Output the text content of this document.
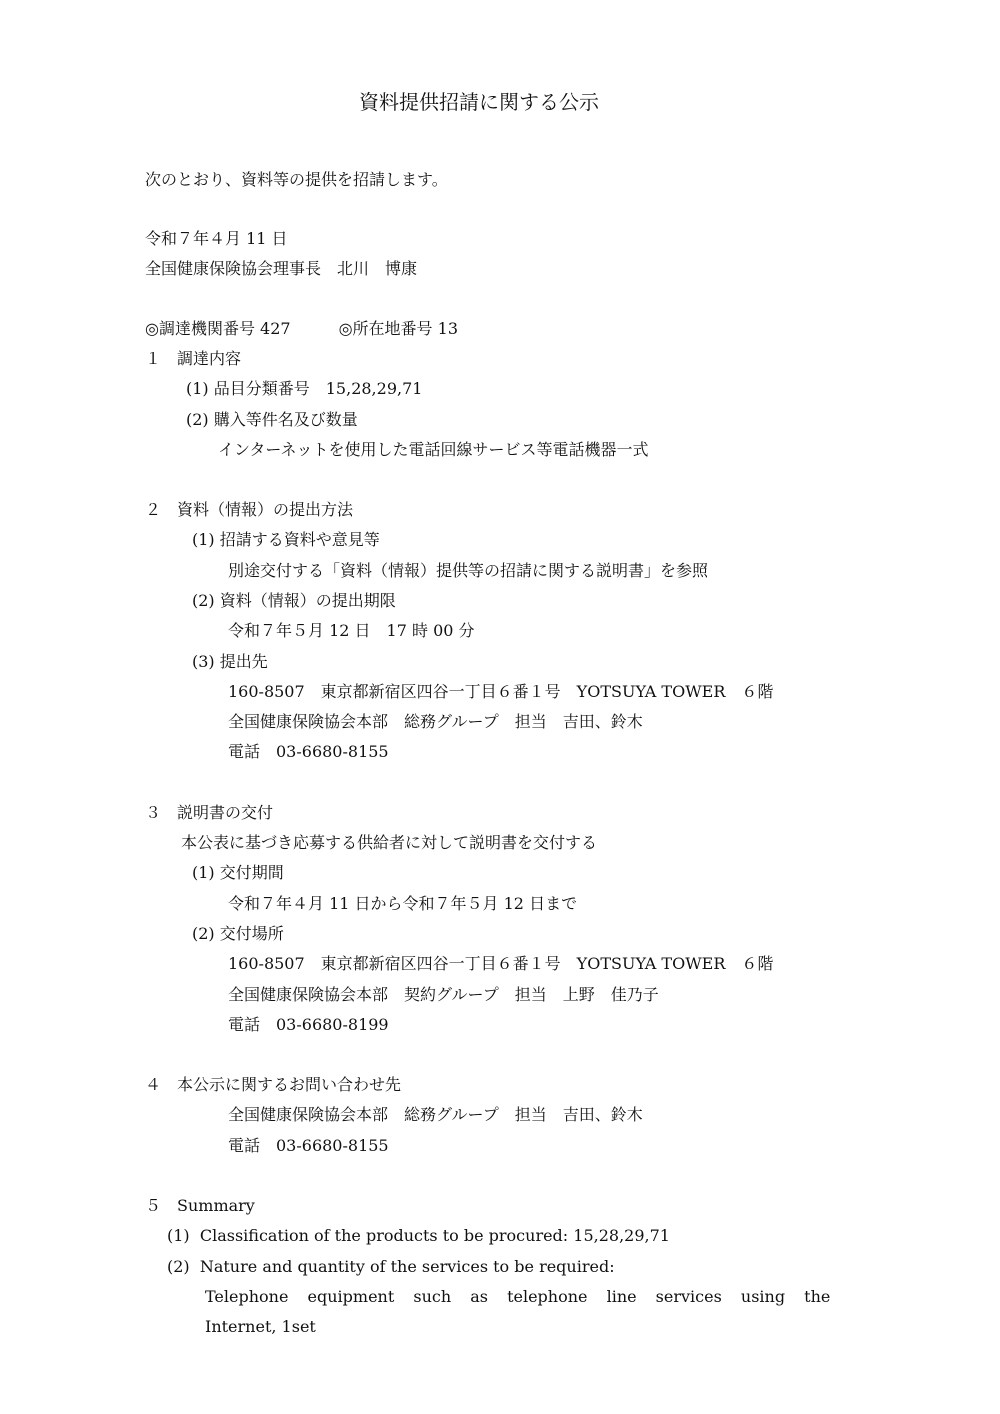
資料提供招請に関する公示
次のとおり、資料等の提供を招請します。
令和７年４月 11 日
全国健康保険協会理事長　北川　博康
◎調達機関番号 427　　　◎所在地番号 13
１　調達内容
(1) 品目分類番号　15,28,29,71
(2) 購入等件名及び数量
インターネットを使用した電話回線サービス等電話機器一式
２　資料（情報）の提出方法
(1) 招請する資料や意見等
別途交付する「資料（情報）提供等の招請に関する説明書」を参照
(2) 資料（情報）の提出期限
令和７年５月 12 日　17 時 00 分
(3) 提出先
160-8507　東京都新宿区四谷一丁目６番１号　YOTSUYA TOWER　６階
全国健康保険協会本部　総務グループ　担当　吉田、鈴木
電話　03-6680-8155
３　説明書の交付
本公表に基づき応募する供給者に対して説明書を交付する
(1) 交付期間
令和７年４月 11 日から令和７年５月 12 日まで
(2) 交付場所
160-8507　東京都新宿区四谷一丁目６番１号　YOTSUYA TOWER　６階
全国健康保険協会本部　契約グループ　担当　上野　佳乃子
電話　03-6680-8199
４　本公示に関するお問い合わせ先
全国健康保険協会本部　総務グループ　担当　吉田、鈴木
電話　03-6680-8155
５　Summary
(1)  Classification of the products to be procured: 15,28,29,71
(2)  Nature and quantity of the services to be required:
Telephone equipment such as telephone line services using the
Internet, 1set
